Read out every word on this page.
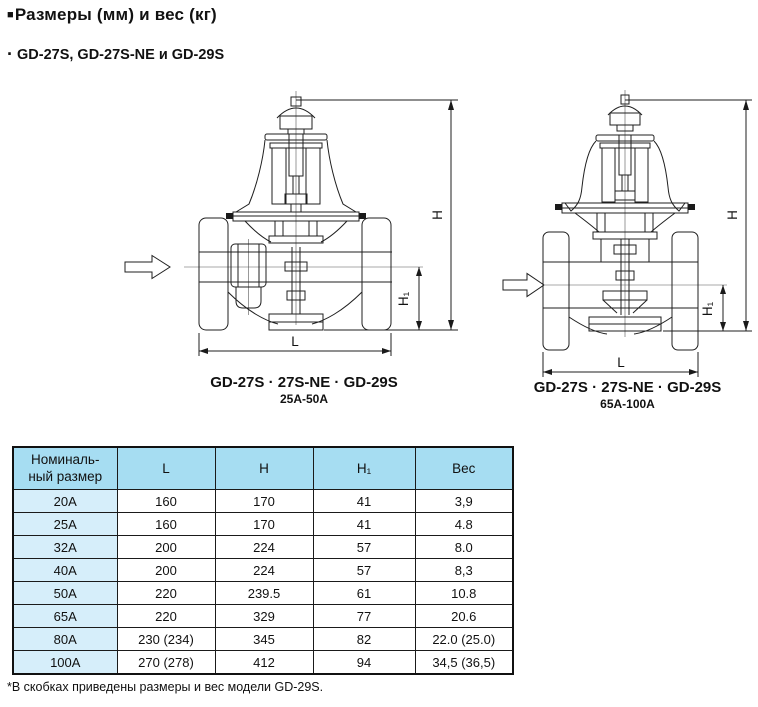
■Размеры (мм) и вес (кг)
· GD-27S, GD-27S-NE и GD-29S
H
H₁
L
H
H₁
L
GD-27S · 27S-NE · GD-29S
25A-50A
GD-27S · 27S-NE · GD-29S
65A-100A
Номиналь-
ный размер	L	H	H₁	Вес
20A	160	170	41	3,9
25A	160	170	41	4.8
32A	200	224	57	8.0
40A	200	224	57	8,3
50A	220	239.5	61	10.8
65A	220	329	77	20.6
80A	230 (234)	345	82	22.0 (25.0)
100A	270 (278)	412	94	34,5 (36,5)
*В скобках приведены размеры и вес модели GD-29S.
